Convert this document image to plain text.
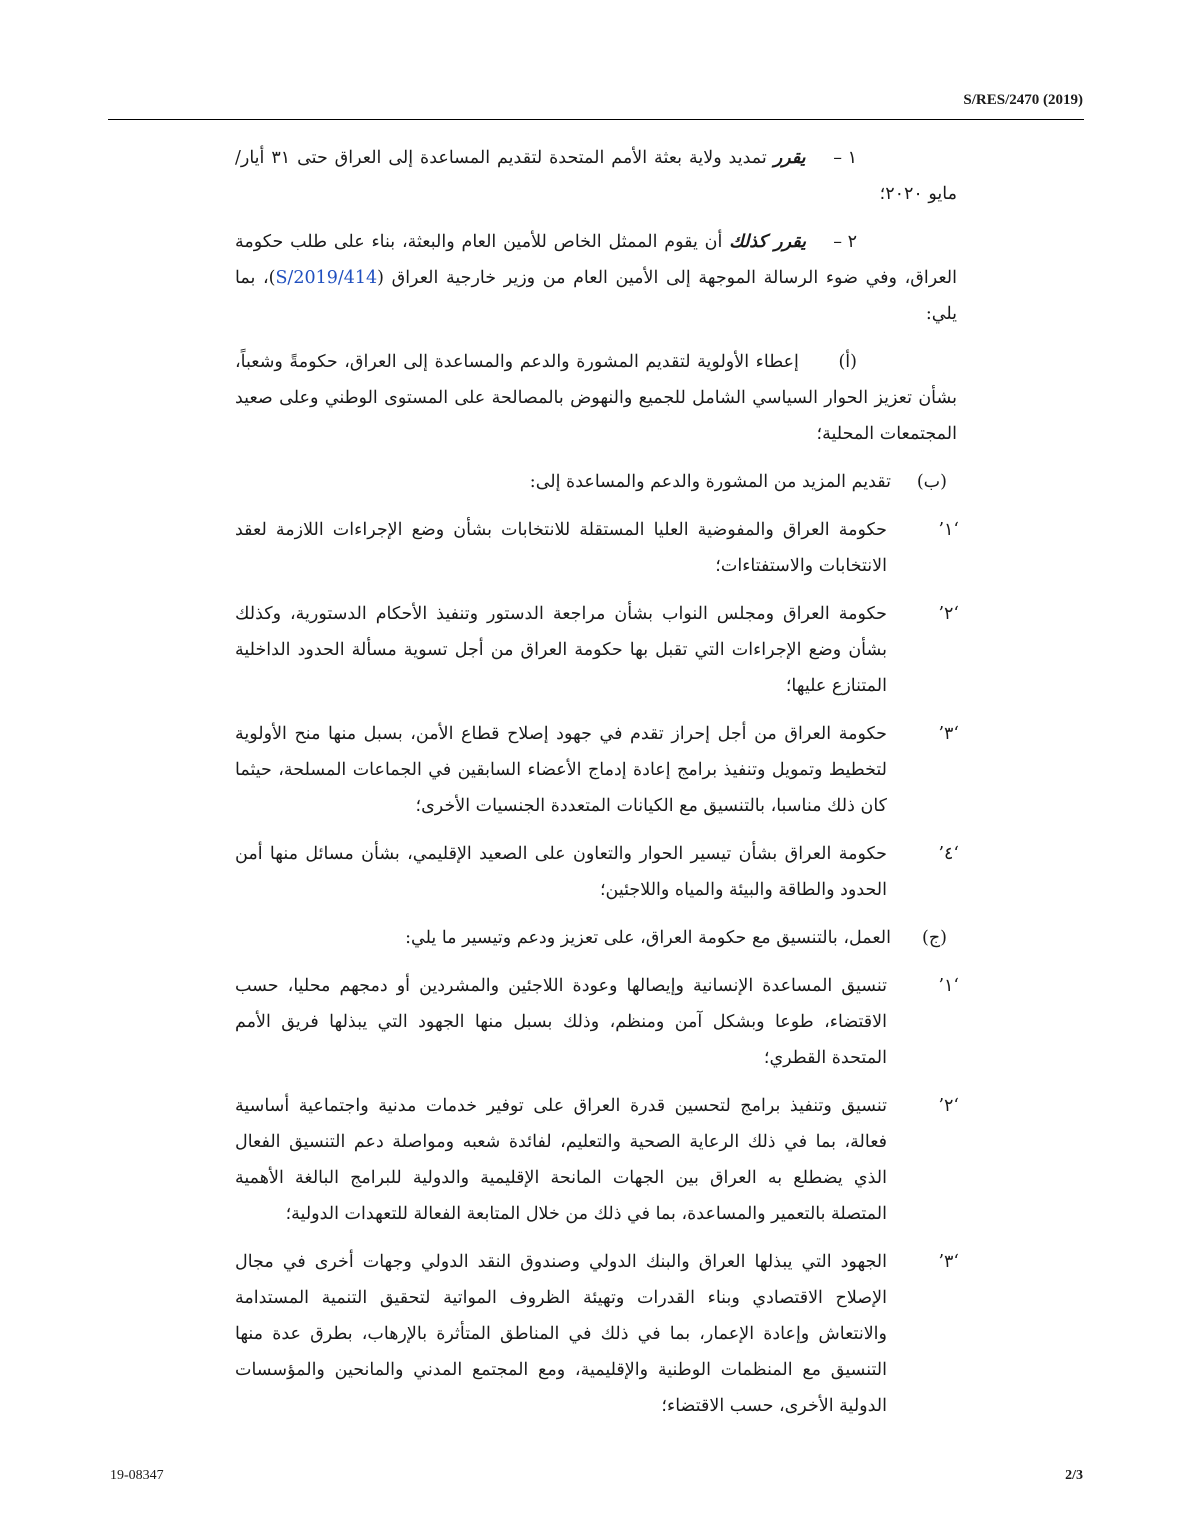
S/RES/2470 (2019)

١ –    يقرر تمديد ولاية بعثة الأمم المتحدة لتقديم المساعدة إلى العراق حتى ٣١ أيار/مايو ٢٠٢٠؛

٢ –    يقرر كذلك أن يقوم الممثل الخاص للأمين العام والبعثة، بناء على طلب حكومة العراق، وفي ضوء الرسالة الموجهة إلى الأمين العام من وزير خارجية العراق (S/2019/414)، بما يلي:

(أ)      إعطاء الأولوية لتقديم المشورة والدعم والمساعدة إلى العراق، حكومةً وشعباً، بشأن تعزيز الحوار السياسي الشامل للجميع والنهوض بالمصالحة على المستوى الوطني وعلى صعيد المجتمعات المحلية؛

(ب)
تقديم المزيد من المشورة والدعم والمساعدة إلى:
‘١’
حكومة العراق والمفوضية العليا المستقلة للانتخابات بشأن وضع الإجراءات اللازمة لعقد الانتخابات والاستفتاءات؛
‘٢’
حكومة العراق ومجلس النواب بشأن مراجعة الدستور وتنفيذ الأحكام الدستورية، وكذلك بشأن وضع الإجراءات التي تقبل بها حكومة العراق من أجل تسوية مسألة الحدود الداخلية المتنازع عليها؛
‘٣’
حكومة العراق من أجل إحراز تقدم في جهود إصلاح قطاع الأمن، بسبل منها منح الأولوية لتخطيط وتمويل وتنفيذ برامج إعادة إدماج الأعضاء السابقين في الجماعات المسلحة، حيثما كان ذلك مناسبا، بالتنسيق مع الكيانات المتعددة الجنسيات الأخرى؛
‘٤’
حكومة العراق بشأن تيسير الحوار والتعاون على الصعيد الإقليمي، بشأن مسائل منها أمن الحدود والطاقة والبيئة والمياه واللاجئين؛
(ج)
العمل، بالتنسيق مع حكومة العراق، على تعزيز ودعم وتيسير ما يلي:
‘١’
تنسيق المساعدة الإنسانية وإيصالها وعودة اللاجئين والمشردين أو دمجهم محليا، حسب الاقتضاء، طوعا وبشكل آمن ومنظم، وذلك بسبل منها الجهود التي يبذلها فريق الأمم المتحدة القطري؛
‘٢’
تنسيق وتنفيذ برامج لتحسين قدرة العراق على توفير خدمات مدنية واجتماعية أساسية فعالة، بما في ذلك الرعاية الصحية والتعليم، لفائدة شعبه ومواصلة دعم التنسيق الفعال الذي يضطلع به العراق بين الجهات المانحة الإقليمية والدولية للبرامج البالغة الأهمية المتصلة بالتعمير والمساعدة، بما في ذلك من خلال المتابعة الفعالة للتعهدات الدولية؛
‘٣’
الجهود التي يبذلها العراق والبنك الدولي وصندوق النقد الدولي وجهات أخرى في مجال الإصلاح الاقتصادي وبناء القدرات وتهيئة الظروف المواتية لتحقيق التنمية المستدامة والانتعاش وإعادة الإعمار، بما في ذلك في المناطق المتأثرة بالإرهاب، بطرق عدة منها التنسيق مع المنظمات الوطنية والإقليمية، ومع المجتمع المدني والمانحين والمؤسسات الدولية الأخرى، حسب الاقتضاء؛
19-08347	2/3
